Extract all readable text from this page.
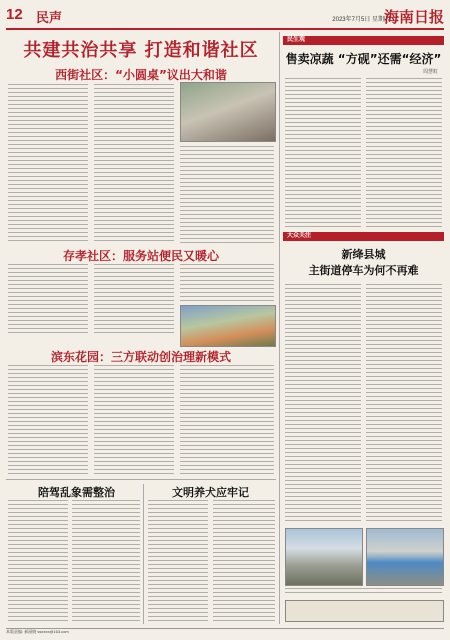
12 民声	2023年7月5日 星期四
海南日报
共建共治共享 打造和谐社区
西街社区：“小圆桌”议出大和谐
存孝社区：服务站便民又暖心
滨东花园：三方联动创治理新模式
陪驾乱象需整治	文明养犬应牢记
民生观
售卖凉蔬 “方砚”还需“经济”
周慧虹
大众关注
新绛县城
主街道停车为何不再难
本版责编: 郝丽晓 ssxxxx@163.com
